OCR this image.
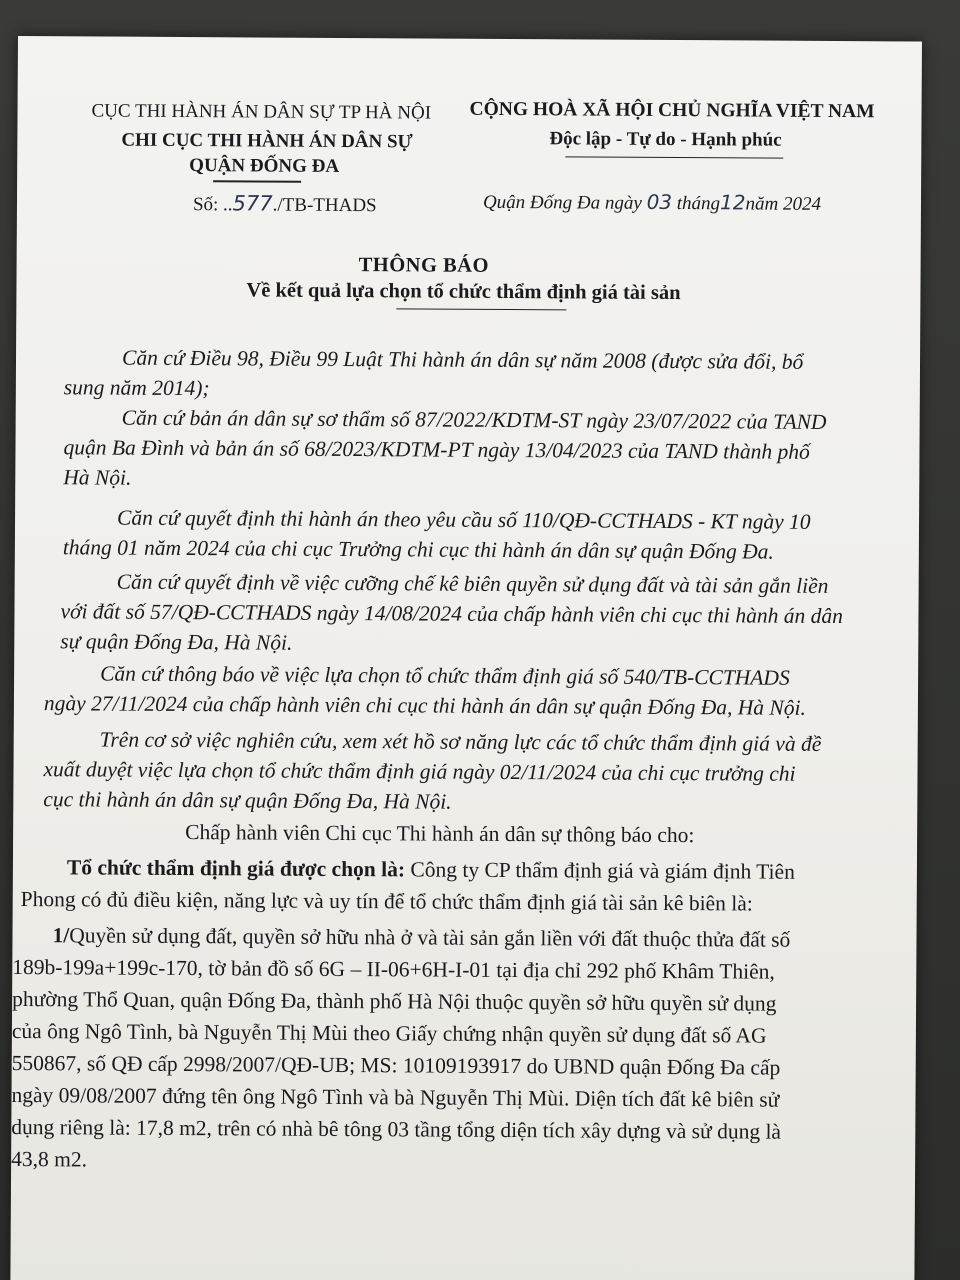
CỤC THI HÀNH ÁN DÂN SỰ TP HÀ NỘI
CHI CỤC THI HÀNH ÁN DÂN SỰ
QUẬN ĐỐNG ĐA
Số: ..577./TB-THADS
CỘNG HOÀ XÃ HỘI CHỦ NGHĨA VIỆT NAM
Độc lập - Tự do - Hạnh phúc
Quận Đống Đa ngày 03 tháng12năm 2024
THÔNG BÁO
Về kết quả lựa chọn tổ chức thẩm định giá tài sản
Căn cứ Điều 98, Điều 99 Luật Thi hành án dân sự năm 2008 (được sửa đổi, bổ
sung năm 2014);
Căn cứ bản án dân sự sơ thẩm số 87/2022/KDTM-ST ngày 23/07/2022 của TAND
quận Ba Đình và bản án số 68/2023/KDTM-PT ngày 13/04/2023 của TAND thành phố
Hà Nội.
Căn cứ quyết định thi hành án theo yêu cầu số 110/QĐ-CCTHADS - KT ngày 10
tháng 01 năm 2024 của chi cục Trưởng chi cục thi hành án dân sự quận Đống Đa.
Căn cứ quyết định về việc cưỡng chế kê biên quyền sử dụng đất và tài sản gắn liền
với đất số 57/QĐ-CCTHADS ngày 14/08/2024 của chấp hành viên chi cục thi hành án dân
sự quận Đống Đa, Hà Nội.
Căn cứ thông báo về việc lựa chọn tổ chức thẩm định giá số 540/TB-CCTHADS
ngày 27/11/2024 của chấp hành viên chi cục thi hành án dân sự quận Đống Đa, Hà Nội.
Trên cơ sở việc nghiên cứu, xem xét hồ sơ năng lực các tổ chức thẩm định giá và đề
xuất duyệt việc lựa chọn tổ chức thẩm định giá ngày 02/11/2024 của chi cục trưởng chi
cục thi hành án dân sự quận Đống Đa, Hà Nội.
Chấp hành viên Chi cục Thi hành án dân sự thông báo cho:
Tổ chức thẩm định giá được chọn là: Công ty CP thẩm định giá và giám định Tiên
Phong có đủ điều kiện, năng lực và uy tín để tổ chức thẩm định giá tài sản kê biên là:
1/Quyền sử dụng đất, quyền sở hữu nhà ở và tài sản gắn liền với đất thuộc thửa đất số
189b-199a+199c-170, tờ bản đồ số 6G – II-06+6H-I-01 tại địa chỉ 292 phố Khâm Thiên,
phường Thổ Quan, quận Đống Đa, thành phố Hà Nội thuộc quyền sở hữu quyền sử dụng
của ông Ngô Tình, bà Nguyễn Thị Mùi theo Giấy chứng nhận quyền sử dụng đất số AG
550867, số QĐ cấp 2998/2007/QĐ-UB; MS: 10109193917 do UBND quận Đống Đa cấp
ngày 09/08/2007 đứng tên ông Ngô Tình và bà Nguyễn Thị Mùi. Diện tích đất kê biên sử
dụng riêng là: 17,8 m2, trên có nhà bê tông 03 tầng tổng diện tích xây dựng và sử dụng là
43,8 m2.
